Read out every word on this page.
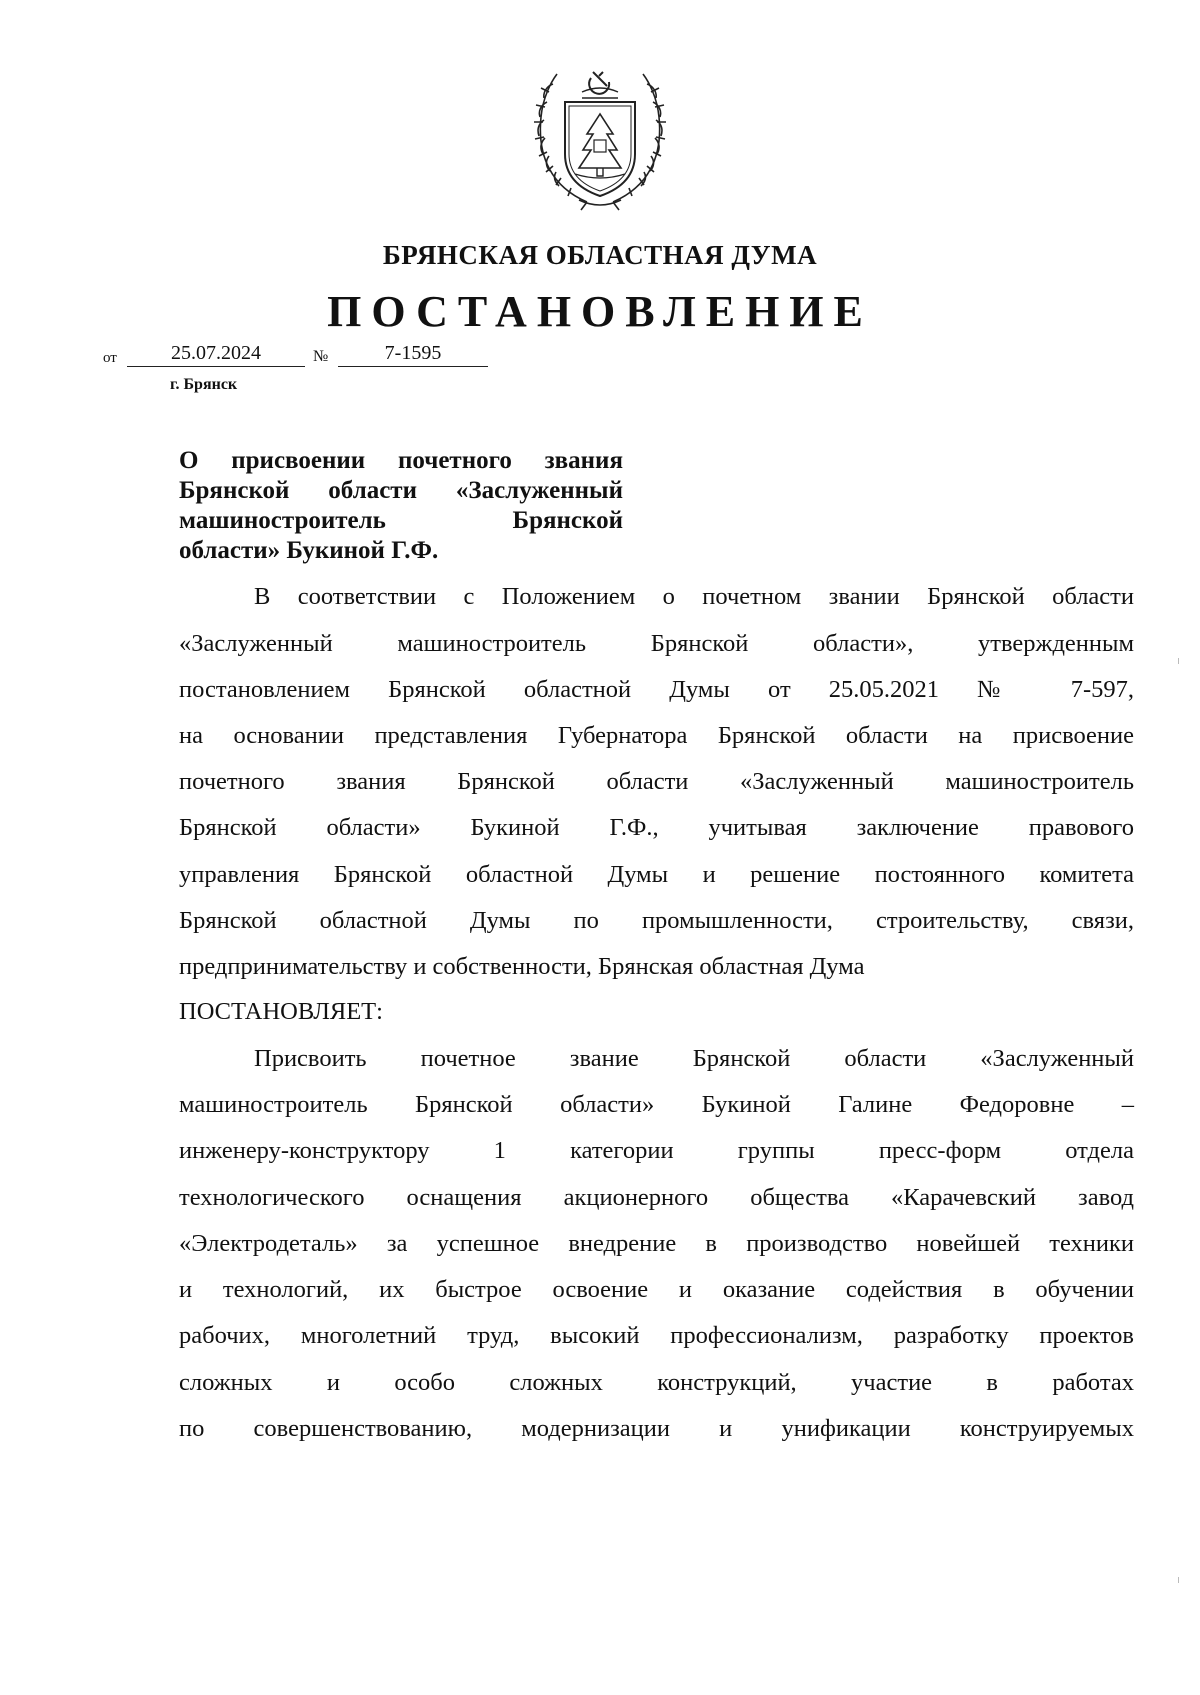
БРЯНСКАЯ ОБЛАСТНАЯ ДУМА
ПОСТАНОВЛЕНИЕ
от	25.07.2024	№	7-1595
г. Брянск
О присвоении почетного звания
Брянской области «Заслуженный
машиностроитель Брянской
области» Букиной Г.Ф.
В соответствии с Положением о почетном звании Брянской области
«Заслуженный машиностроитель Брянской области», утвержденным
постановлением Брянской областной Думы от 25.05.2021 № 7-597,
на основании представления Губернатора Брянской области на присвоение
почетного звания Брянской области «Заслуженный машиностроитель
Брянской области» Букиной Г.Ф., учитывая заключение правового
управления Брянской областной Думы и решение постоянного комитета
Брянской областной Думы по промышленности, строительству, связи,
предпринимательству и собственности, Брянская областная Дума
ПОСТАНОВЛЯЕТ:
Присвоить почетное звание Брянской области «Заслуженный
машиностроитель Брянской области» Букиной Галине Федоровне –
инженеру-конструктору 1 категории группы пресс-форм отдела
технологического оснащения акционерного общества «Карачевский завод
«Электродеталь» за успешное внедрение в производство новейшей техники
и технологий, их быстрое освоение и оказание содействия в обучении
рабочих, многолетний труд, высокий профессионализм, разработку проектов
сложных и особо сложных конструкций, участие в работах
по совершенствованию, модернизации и унификации конструируемых
